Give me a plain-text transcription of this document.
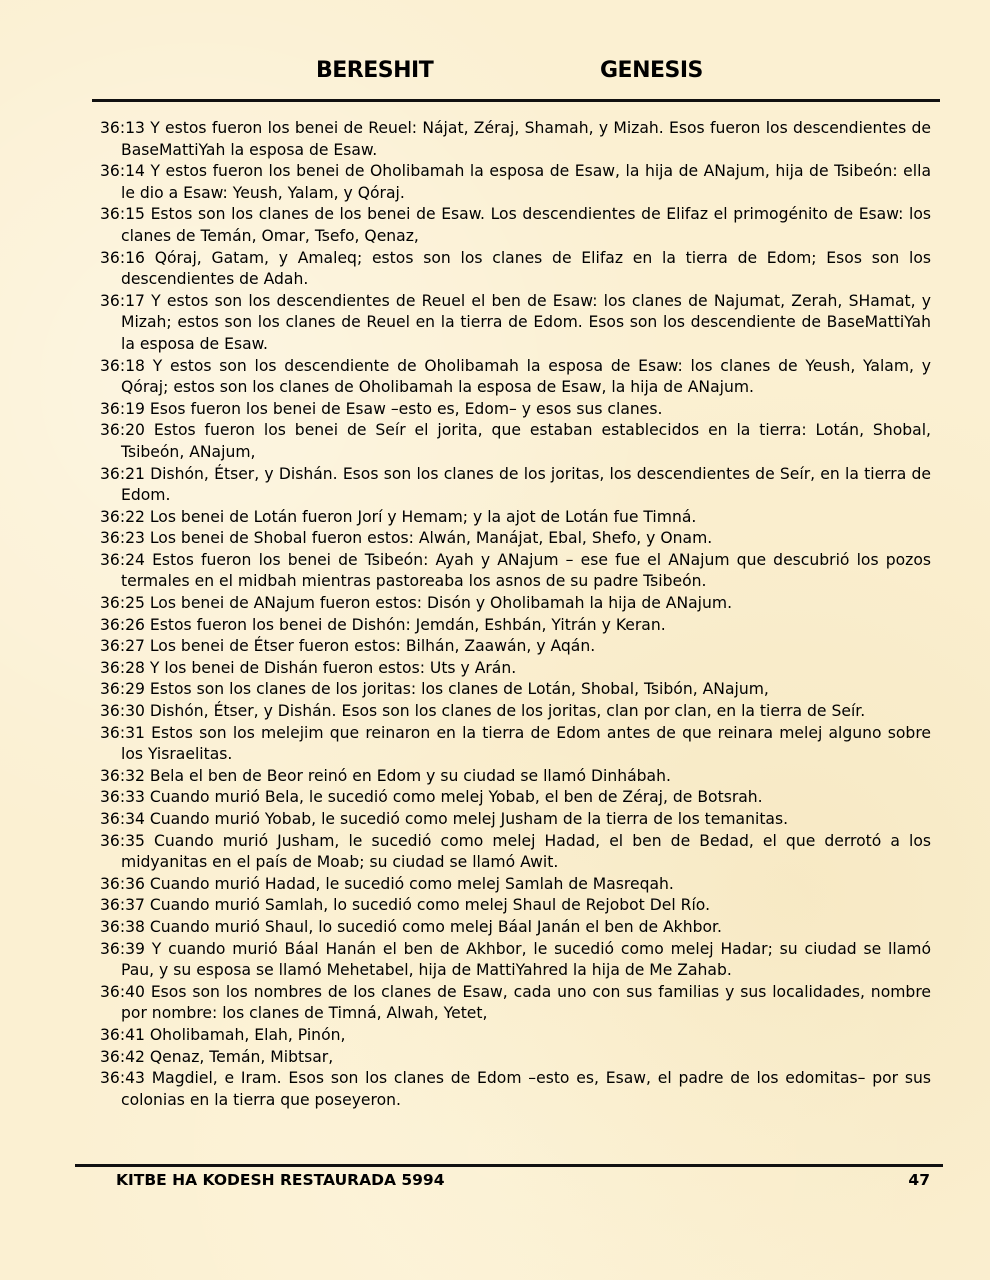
BERESHIT	GENESIS

36:13 Y estos fueron los benei de Reuel: Nájat, Zéraj, Shamah, y Mizah. Esos fueron los descendientes de BaseMattiYah la esposa de Esaw.

36:14 Y estos fueron los benei de Oholibamah la esposa de Esaw, la hija de ANajum, hija de Tsibeón: ella le dio a Esaw: Yeush, Yalam, y Qóraj.

36:15 Estos son los clanes de los benei de Esaw. Los descendientes de Elifaz el primogénito de Esaw: los clanes de Temán, Omar, Tsefo, Qenaz,

36:16 Qóraj, Gatam, y Amaleq; estos son los clanes de Elifaz en la tierra de Edom; Esos son los descendientes de Adah.

36:17 Y estos son los descendientes de Reuel el ben de Esaw: los clanes de Najumat, Zerah, SHamat, y Mizah; estos son los clanes de Reuel en la tierra de Edom. Esos son los descendiente de BaseMattiYah la esposa de Esaw.

36:18 Y estos son los descendiente de Oholibamah la esposa de Esaw: los clanes de Yeush, Yalam, y Qóraj; estos son los clanes de Oholibamah la esposa de Esaw, la hija de ANajum.

36:19 Esos fueron los benei de Esaw –esto es, Edom– y esos sus clanes.

36:20 Estos fueron los benei de Seír el jorita, que estaban establecidos en la tierra: Lotán, Shobal, Tsibeón, ANajum,

36:21 Dishón, Étser, y Dishán. Esos son los clanes de los joritas, los descendientes de Seír, en la tierra de Edom.

36:22 Los benei de Lotán fueron Jorí y Hemam; y la ajot de Lotán fue Timná.

36:23 Los benei de Shobal fueron estos: Alwán, Manájat, Ebal, Shefo, y Onam.

36:24 Estos fueron los benei de Tsibeón: Ayah y ANajum – ese fue el ANajum que descubrió los pozos termales en el midbah mientras pastoreaba los asnos de su padre Tsibeón.

36:25 Los benei de ANajum fueron estos: Disón y Oholibamah la hija de ANajum.

36:26 Estos fueron los benei de Dishón: Jemdán, Eshbán, Yitrán y Keran.

36:27 Los benei de Étser fueron estos: Bilhán, Zaawán, y Aqán.

36:28 Y los benei de Dishán fueron estos: Uts y Arán.

36:29 Estos son los clanes de los joritas: los clanes de Lotán, Shobal, Tsibón, ANajum,

36:30 Dishón, Étser, y Dishán. Esos son los clanes de los joritas, clan por clan, en la tierra de Seír.

36:31 Estos son los melejim que reinaron en la tierra de Edom antes de que reinara melej alguno sobre los Yisraelitas.

36:32 Bela el ben de Beor reinó en Edom y su ciudad se llamó Dinhábah.

36:33 Cuando murió Bela, le sucedió como melej Yobab, el ben de Zéraj, de Botsrah.

36:34 Cuando murió Yobab, le sucedió como melej Jusham de la tierra de los temanitas.

36:35 Cuando murió Jusham, le sucedió como melej Hadad, el ben de Bedad, el que derrotó a los midyanitas en el país de Moab; su ciudad se llamó Awit.

36:36 Cuando murió Hadad, le sucedió como melej Samlah de Masreqah.

36:37 Cuando murió Samlah, lo sucedió como melej Shaul de Rejobot Del Río.

36:38 Cuando murió Shaul, lo sucedió como melej Báal Janán el ben de Akhbor.

36:39 Y cuando murió Báal Hanán el ben de Akhbor, le sucedió como melej Hadar; su ciudad se llamó Pau, y su esposa se llamó Mehetabel, hija de MattiYahred la hija de Me Zahab.

36:40 Esos son los nombres de los clanes de Esaw, cada uno con sus familias y sus localidades, nombre por nombre: los clanes de Timná, Alwah, Yetet,

36:41 Oholibamah, Elah, Pinón,

36:42 Qenaz, Temán, Mibtsar,

36:43 Magdiel, e Iram. Esos son los clanes de Edom –esto es, Esaw, el padre de los edomitas– por sus colonias en la tierra que poseyeron.

KITBE HA KODESH RESTAURADA 5994	47
